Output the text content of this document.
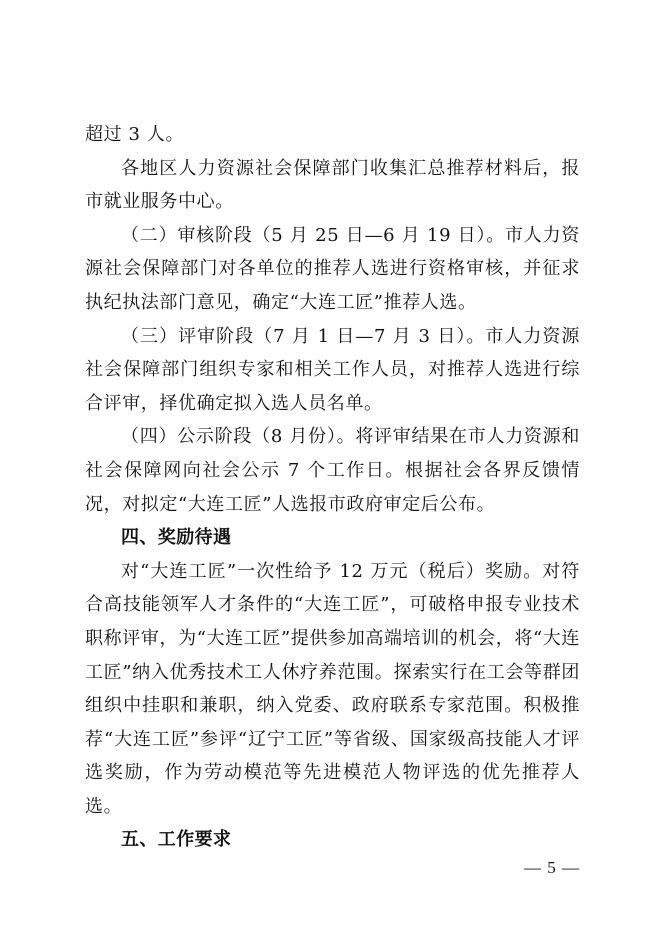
超过 3 人。

各地区人力资源社会保障部门收集汇总推荐材料后，报市就业服务中心。

（二）审核阶段（5 月 25 日—6 月 19 日）。市人力资源社会保障部门对各单位的推荐人选进行资格审核，并征求执纪执法部门意见，确定“大连工匠”推荐人选。

（三）评审阶段（7 月 1 日—7 月 3 日）。市人力资源社会保障部门组织专家和相关工作人员，对推荐人选进行综合评审，择优确定拟入选人员名单。

（四）公示阶段（8 月份）。将评审结果在市人力资源和社会保障网向社会公示 7 个工作日。根据社会各界反馈情况，对拟定“大连工匠”人选报市政府审定后公布。

四、奖励待遇

对“大连工匠”一次性给予 12 万元（税后）奖励。对符合高技能领军人才条件的“大连工匠”，可破格申报专业技术职称评审，为“大连工匠”提供参加高端培训的机会，将“大连工匠”纳入优秀技术工人休疗养范围。探索实行在工会等群团组织中挂职和兼职，纳入党委、政府联系专家范围。积极推荐“大连工匠”参评“辽宁工匠”等省级、国家级高技能人才评选奖励，作为劳动模范等先进模范人物评选的优先推荐人选。

五、工作要求

— 5 —
